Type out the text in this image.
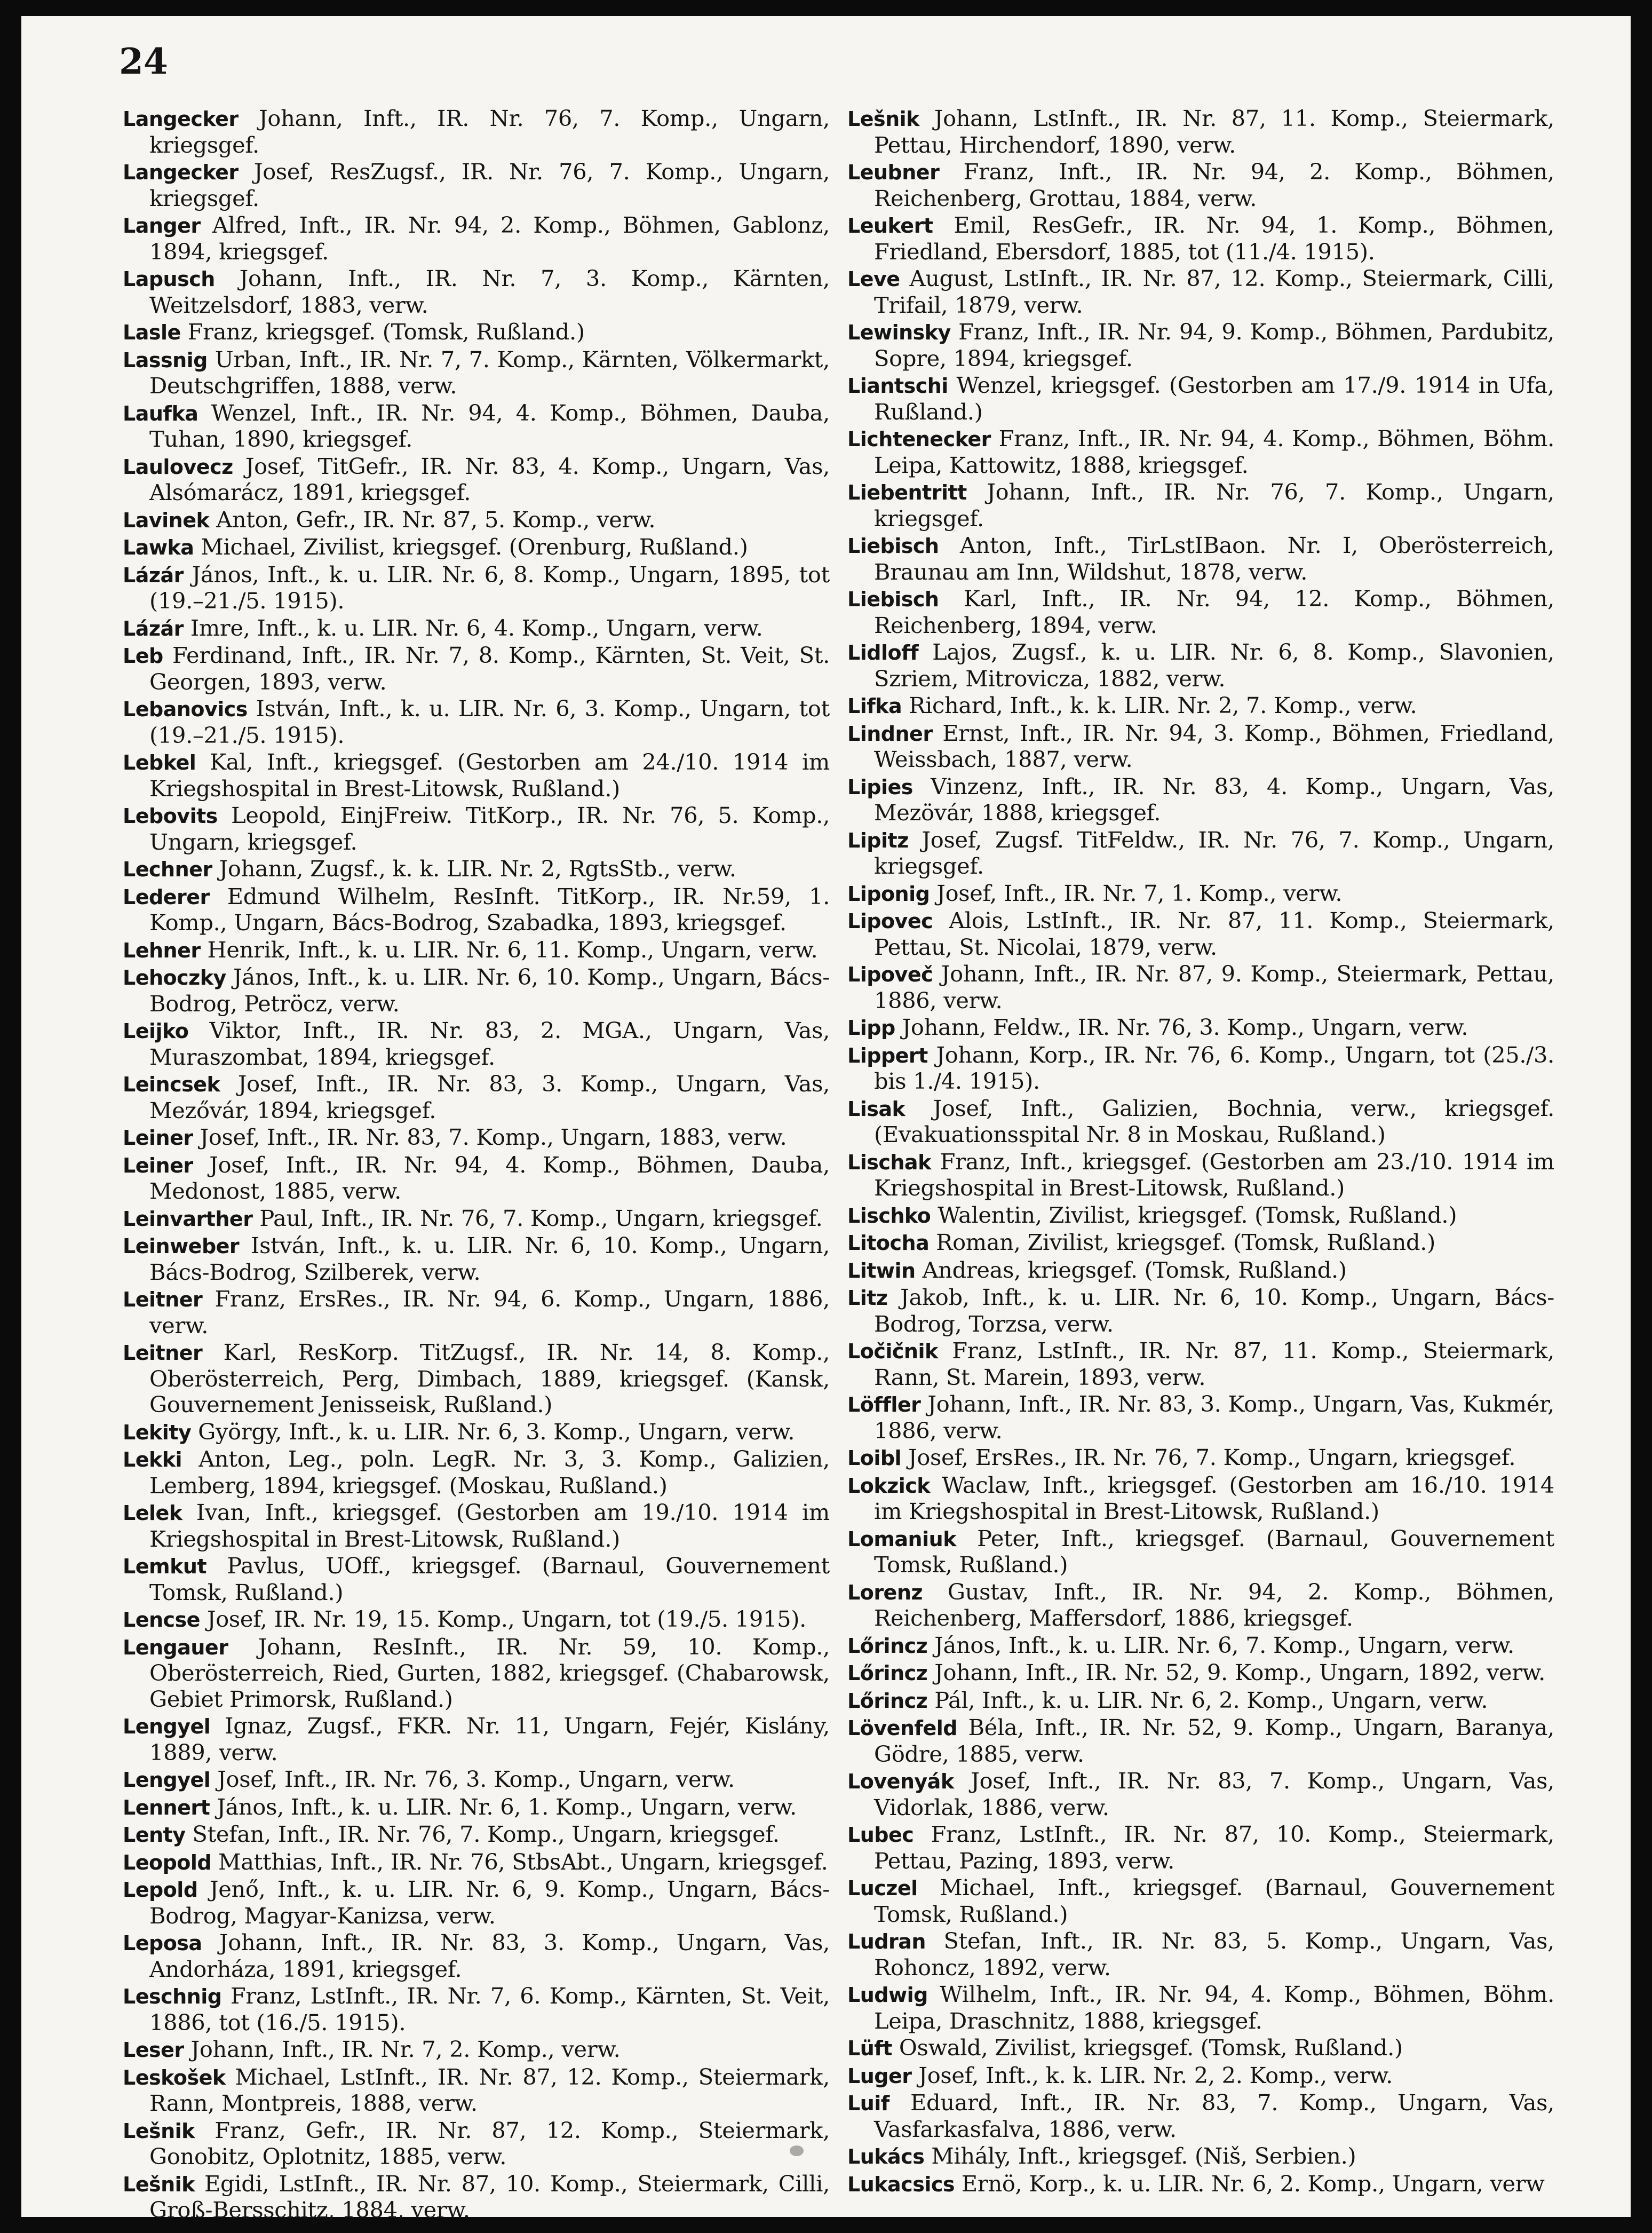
24

Langecker Johann, Inft., IR. Nr. 76, 7. Komp., Ungarn, kriegsgef.

Langecker Josef, ResZugsf., IR. Nr. 76, 7. Komp., Ungarn, kriegsgef.

Langer Alfred, Inft., IR. Nr. 94, 2. Komp., Böhmen, Gablonz, 1894, kriegsgef.

Lapusch Johann, Inft., IR. Nr. 7, 3. Komp., Kärnten, Weitzelsdorf, 1883, verw.

Lasle Franz, kriegsgef. (Tomsk, Rußland.)

Lassnig Urban, Inft., IR. Nr. 7, 7. Komp., Kärnten, Völkermarkt, Deutschgriffen, 1888, verw.

Laufka Wenzel, Inft., IR. Nr. 94, 4. Komp., Böhmen, Dauba, Tuhan, 1890, kriegsgef.

Laulovecz Josef, TitGefr., IR. Nr. 83, 4. Komp., Ungarn, Vas, Alsómarácz, 1891, kriegsgef.

Lavinek Anton, Gefr., IR. Nr. 87, 5. Komp., verw.

Lawka Michael, Zivilist, kriegsgef. (Orenburg, Rußland.)

Lázár János, Inft., k. u. LIR. Nr. 6, 8. Komp., Ungarn, 1895, tot (19.–21./5. 1915).

Lázár Imre, Inft., k. u. LIR. Nr. 6, 4. Komp., Ungarn, verw.

Leb Ferdinand, Inft., IR. Nr. 7, 8. Komp., Kärnten, St. Veit, St. Georgen, 1893, verw.

Lebanovics István, Inft., k. u. LIR. Nr. 6, 3. Komp., Ungarn, tot (19.–21./5. 1915).

Lebkel Kal, Inft., kriegsgef. (Gestorben am 24./10. 1914 im Kriegshospital in Brest-Litowsk, Rußland.)

Lebovits Leopold, EinjFreiw. TitKorp., IR. Nr. 76, 5. Komp., Ungarn, kriegsgef.

Lechner Johann, Zugsf., k. k. LIR. Nr. 2, RgtsStb., verw.

Lederer Edmund Wilhelm, ResInft. TitKorp., IR. Nr.59, 1. Komp., Ungarn, Bács-Bodrog, Szabadka, 1893, kriegsgef.

Lehner Henrik, Inft., k. u. LIR. Nr. 6, 11. Komp., Ungarn, verw.

Lehoczky János, Inft., k. u. LIR. Nr. 6, 10. Komp., Ungarn, Bács-Bodrog, Petröcz, verw.

Leijko Viktor, Inft., IR. Nr. 83, 2. MGA., Ungarn, Vas, Muraszombat, 1894, kriegsgef.

Leincsek Josef, Inft., IR. Nr. 83, 3. Komp., Ungarn, Vas, Mezővár, 1894, kriegsgef.

Leiner Josef, Inft., IR. Nr. 83, 7. Komp., Ungarn, 1883, verw.

Leiner Josef, Inft., IR. Nr. 94, 4. Komp., Böhmen, Dauba, Medonost, 1885, verw.

Leinvarther Paul, Inft., IR. Nr. 76, 7. Komp., Ungarn, kriegsgef.

Leinweber István, Inft., k. u. LIR. Nr. 6, 10. Komp., Ungarn, Bács-Bodrog, Szilberek, verw.

Leitner Franz, ErsRes., IR. Nr. 94, 6. Komp., Ungarn, 1886, verw.

Leitner Karl, ResKorp. TitZugsf., IR. Nr. 14, 8. Komp., Oberösterreich, Perg, Dimbach, 1889, kriegsgef. (Kansk, Gouvernement Jenisseisk, Rußland.)

Lekity György, Inft., k. u. LIR. Nr. 6, 3. Komp., Ungarn, verw.

Lekki Anton, Leg., poln. LegR. Nr. 3, 3. Komp., Galizien, Lemberg, 1894, kriegsgef. (Moskau, Rußland.)

Lelek Ivan, Inft., kriegsgef. (Gestorben am 19./10. 1914 im Kriegshospital in Brest-Litowsk, Rußland.)

Lemkut Pavlus, UOff., kriegsgef. (Barnaul, Gouvernement Tomsk, Rußland.)

Lencse Josef, IR. Nr. 19, 15. Komp., Ungarn, tot (19./5. 1915).

Lengauer Johann, ResInft., IR. Nr. 59, 10. Komp., Oberösterreich, Ried, Gurten, 1882, kriegsgef. (Chabarowsk, Gebiet Primorsk, Rußland.)

Lengyel Ignaz, Zugsf., FKR. Nr. 11, Ungarn, Fejér, Kislány, 1889, verw.

Lengyel Josef, Inft., IR. Nr. 76, 3. Komp., Ungarn, verw.

Lennert János, Inft., k. u. LIR. Nr. 6, 1. Komp., Ungarn, verw.

Lenty Stefan, Inft., IR. Nr. 76, 7. Komp., Ungarn, kriegsgef.

Leopold Matthias, Inft., IR. Nr. 76, StbsAbt., Ungarn, kriegsgef.

Lepold Jenő, Inft., k. u. LIR. Nr. 6, 9. Komp., Ungarn, Bács-Bodrog, Magyar-Kanizsa, verw.

Leposa Johann, Inft., IR. Nr. 83, 3. Komp., Ungarn, Vas, Andorháza, 1891, kriegsgef.

Leschnig Franz, LstInft., IR. Nr. 7, 6. Komp., Kärnten, St. Veit, 1886, tot (16./5. 1915).

Leser Johann, Inft., IR. Nr. 7, 2. Komp., verw.

Leskošek Michael, LstInft., IR. Nr. 87, 12. Komp., Steiermark, Rann, Montpreis, 1888, verw.

Lešnik Franz, Gefr., IR. Nr. 87, 12. Komp., Steiermark, Gonobitz, Oplotnitz, 1885, verw.

Lešnik Egidi, LstInft., IR. Nr. 87, 10. Komp., Steiermark, Cilli, Groß-Bersschitz, 1884, verw.

Lešnik Johann, LstInft., IR. Nr. 87, 11. Komp., Steiermark, Pettau, Hirchendorf, 1890, verw.

Leubner Franz, Inft., IR. Nr. 94, 2. Komp., Böhmen, Reichenberg, Grottau, 1884, verw.

Leukert Emil, ResGefr., IR. Nr. 94, 1. Komp., Böhmen, Friedland, Ebersdorf, 1885, tot (11./4. 1915).

Leve August, LstInft., IR. Nr. 87, 12. Komp., Steiermark, Cilli, Trifail, 1879, verw.

Lewinsky Franz, Inft., IR. Nr. 94, 9. Komp., Böhmen, Pardubitz, Sopre, 1894, kriegsgef.

Liantschi Wenzel, kriegsgef. (Gestorben am 17./9. 1914 in Ufa, Rußland.)

Lichtenecker Franz, Inft., IR. Nr. 94, 4. Komp., Böhmen, Böhm. Leipa, Kattowitz, 1888, kriegsgef.

Liebentritt Johann, Inft., IR. Nr. 76, 7. Komp., Ungarn, kriegsgef.

Liebisch Anton, Inft., TirLstIBaon. Nr. I, Oberösterreich, Braunau am Inn, Wildshut, 1878, verw.

Liebisch Karl, Inft., IR. Nr. 94, 12. Komp., Böhmen, Reichenberg, 1894, verw.

Lidloff Lajos, Zugsf., k. u. LIR. Nr. 6, 8. Komp., Slavonien, Szriem, Mitrovicza, 1882, verw.

Lifka Richard, Inft., k. k. LIR. Nr. 2, 7. Komp., verw.

Lindner Ernst, Inft., IR. Nr. 94, 3. Komp., Böhmen, Friedland, Weissbach, 1887, verw.

Lipies Vinzenz, Inft., IR. Nr. 83, 4. Komp., Ungarn, Vas, Mezövár, 1888, kriegsgef.

Lipitz Josef, Zugsf. TitFeldw., IR. Nr. 76, 7. Komp., Ungarn, kriegsgef.

Liponig Josef, Inft., IR. Nr. 7, 1. Komp., verw.

Lipovec Alois, LstInft., IR. Nr. 87, 11. Komp., Steiermark, Pettau, St. Nicolai, 1879, verw.

Lipoveč Johann, Inft., IR. Nr. 87, 9. Komp., Steiermark, Pettau, 1886, verw.

Lipp Johann, Feldw., IR. Nr. 76, 3. Komp., Ungarn, verw.

Lippert Johann, Korp., IR. Nr. 76, 6. Komp., Ungarn, tot (25./3. bis 1./4. 1915).

Lisak Josef, Inft., Galizien, Bochnia, verw., kriegsgef. (Evakuationsspital Nr. 8 in Moskau, Rußland.)

Lischak Franz, Inft., kriegsgef. (Gestorben am 23./10. 1914 im Kriegshospital in Brest-Litowsk, Rußland.)

Lischko Walentin, Zivilist, kriegsgef. (Tomsk, Rußland.)

Litocha Roman, Zivilist, kriegsgef. (Tomsk, Rußland.)

Litwin Andreas, kriegsgef. (Tomsk, Rußland.)

Litz Jakob, Inft., k. u. LIR. Nr. 6, 10. Komp., Ungarn, Bács-Bodrog, Torzsa, verw.

Ločičnik Franz, LstInft., IR. Nr. 87, 11. Komp., Steiermark, Rann, St. Marein, 1893, verw.

Löffler Johann, Inft., IR. Nr. 83, 3. Komp., Ungarn, Vas, Kukmér, 1886, verw.

Loibl Josef, ErsRes., IR. Nr. 76, 7. Komp., Ungarn, kriegsgef.

Lokzick Waclaw, Inft., kriegsgef. (Gestorben am 16./10. 1914 im Kriegshospital in Brest-Litowsk, Rußland.)

Lomaniuk Peter, Inft., kriegsgef. (Barnaul, Gouvernement Tomsk, Rußland.)

Lorenz Gustav, Inft., IR. Nr. 94, 2. Komp., Böhmen, Reichenberg, Maffersdorf, 1886, kriegsgef.

Lőrincz János, Inft., k. u. LIR. Nr. 6, 7. Komp., Ungarn, verw.

Lőrincz Johann, Inft., IR. Nr. 52, 9. Komp., Ungarn, 1892, verw.

Lőrincz Pál, Inft., k. u. LIR. Nr. 6, 2. Komp., Ungarn, verw.

Lövenfeld Béla, Inft., IR. Nr. 52, 9. Komp., Ungarn, Baranya, Gödre, 1885, verw.

Lovenyák Josef, Inft., IR. Nr. 83, 7. Komp., Ungarn, Vas, Vidorlak, 1886, verw.

Lubec Franz, LstInft., IR. Nr. 87, 10. Komp., Steiermark, Pettau, Pazing, 1893, verw.

Luczel Michael, Inft., kriegsgef. (Barnaul, Gouvernement Tomsk, Rußland.)

Ludran Stefan, Inft., IR. Nr. 83, 5. Komp., Ungarn, Vas, Rohoncz, 1892, verw.

Ludwig Wilhelm, Inft., IR. Nr. 94, 4. Komp., Böhmen, Böhm. Leipa, Draschnitz, 1888, kriegsgef.

Lüft Oswald, Zivilist, kriegsgef. (Tomsk, Rußland.)

Luger Josef, Inft., k. k. LIR. Nr. 2, 2. Komp., verw.

Luif Eduard, Inft., IR. Nr. 83, 7. Komp., Ungarn, Vas, Vasfarkasfalva, 1886, verw.

Lukács Mihály, Inft., kriegsgef. (Niš, Serbien.)

Lukacsics Ernö, Korp., k. u. LIR. Nr. 6, 2. Komp., Ungarn, verw
